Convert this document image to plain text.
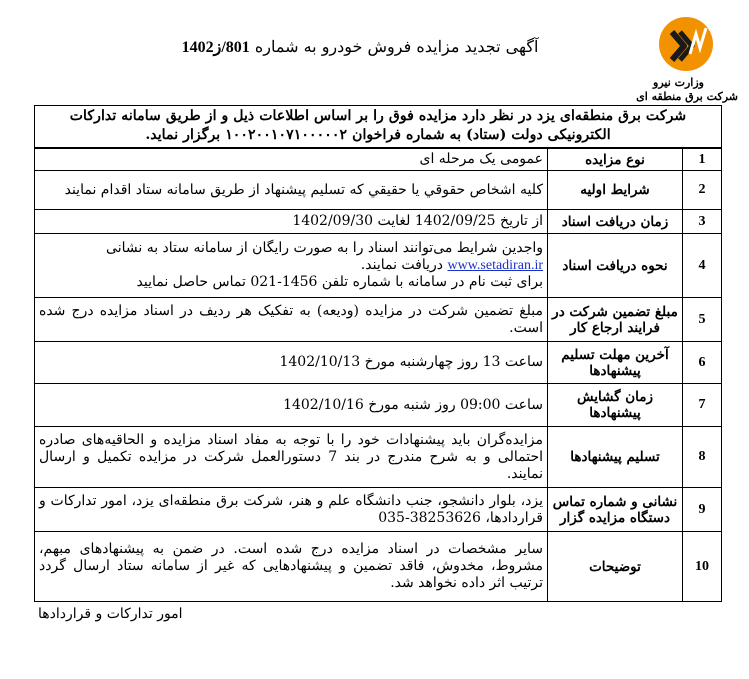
وزارت نیرو
شرکت برق منطقه ای
آگهی تجدید مزایده فروش خودرو به شماره 801/ز1402
شرکت برق منطقه‌ای یزد در نظر دارد مزایده فوق را بر اساس اطلاعات ذیل و از طریق سامانه تدارکات
الکترونیکی دولت (ستاد) به شماره فراخوان ۱۰۰۲۰۰۱۰۷۱۰۰۰۰۰۲ برگزار نماید.
1	نوع مزایده	عمومی یک مرحله ای
2	شرایط اولیه	کلیه اشخاص حقوقي يا حقيقي كه تسليم پيشنهاد از طريق سامانه ستاد اقدام نمايند
3	زمان دریافت اسناد	از تاريخ 1402/09/25 لغايت 1402/09/30
4	نحوه دریافت اسناد	واجدین شرایط می‌توانند اسناد را به صورت رایگان از سامانه ستاد به نشانی
www.setadiran.ir دریافت نمایند.
برای ثبت نام در سامانه با شماره تلفن 1456-021 تماس حاصل نمایید
5	مبلغ تضمین شرکت در فرایند ارجاع کار	مبلغ تضمین شرکت در مزایده (ودیعه) به تفکیک هر ردیف در اسناد مزایده درج شده است.
6	آخرین مهلت تسلیم پیشنهادها	ساعت 13 روز چهارشنبه مورخ 1402/10/13
7	زمان گشایش پیشنهادها	ساعت 09:00 روز شنبه مورخ 1402/10/16
8	تسلیم پیشنهادها	مزایده‌گران باید پیشنهادات خود را با توجه به مفاد اسناد مزایده و الحاقیه‌های صادره احتمالی و به شرح مندرج در بند 7 دستورالعمل شرکت در مزایده تکمیل و ارسال نمایند.
9	نشانی و شماره تماس دستگاه مزایده گزار	یزد، بلوار دانشجو، جنب دانشگاه علم و هنر، شرکت برق منطقه‌ای یزد، امور تدارکات و قراردادها، 38253626-035
10	توضیحات	سایر مشخصات در اسناد مزایده درج شده است. در ضمن به پیشنهادهای مبهم، مشروط، مخدوش، فاقد تضمین و پیشنهادهایی که غیر از سامانه ستاد ارسال گردد ترتیب اثر داده نخواهد شد.
امور تدارکات و قراردادها
